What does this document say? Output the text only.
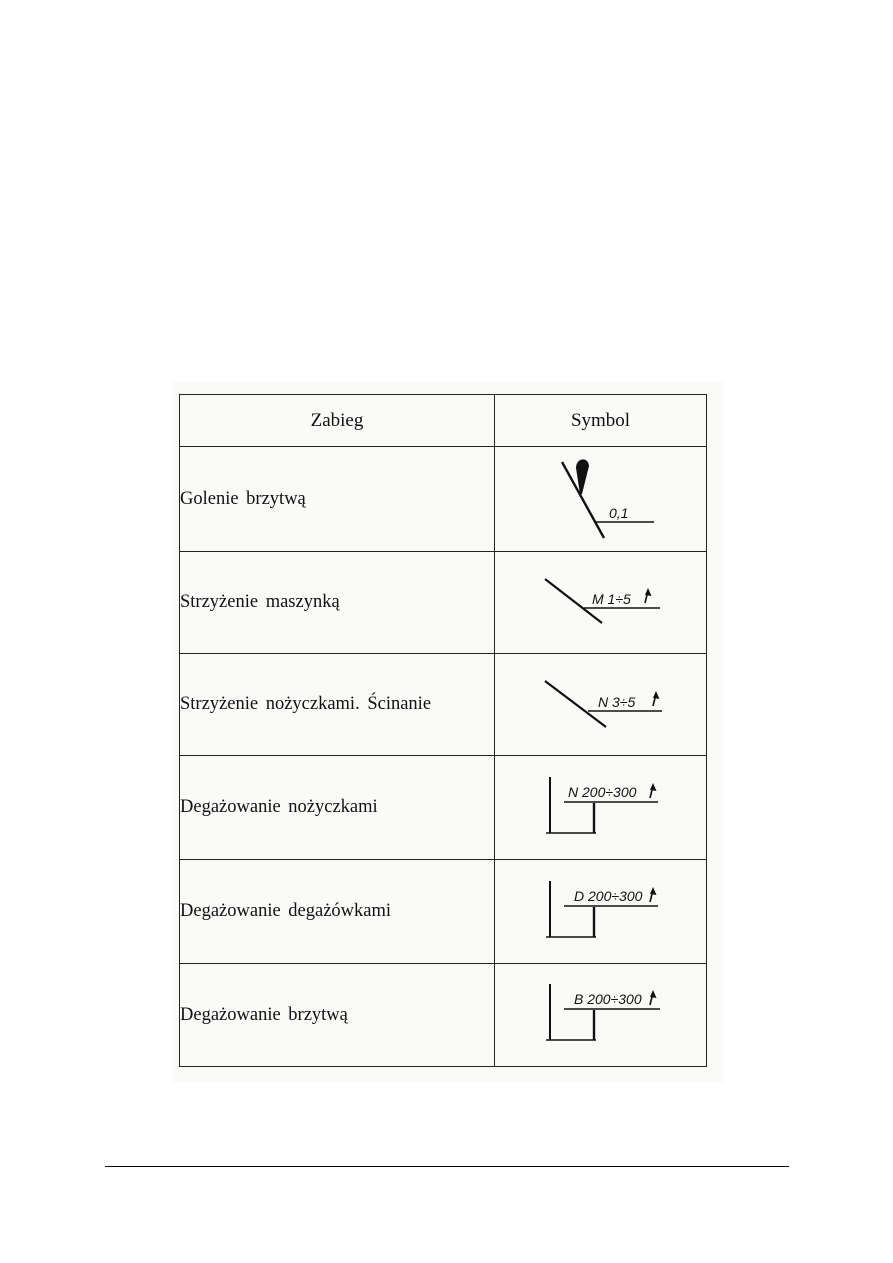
Zabieg	Symbol
Golenie brzytwą	0,1

Strzyżenie maszynką	M 1÷5

Strzyżenie nożyczkami. Ścinanie	N 3÷5

Degażowanie nożyczkami	N 200÷300

Degażowanie degażówkami	D 200÷300

Degażowanie brzytwą	B 200÷300
